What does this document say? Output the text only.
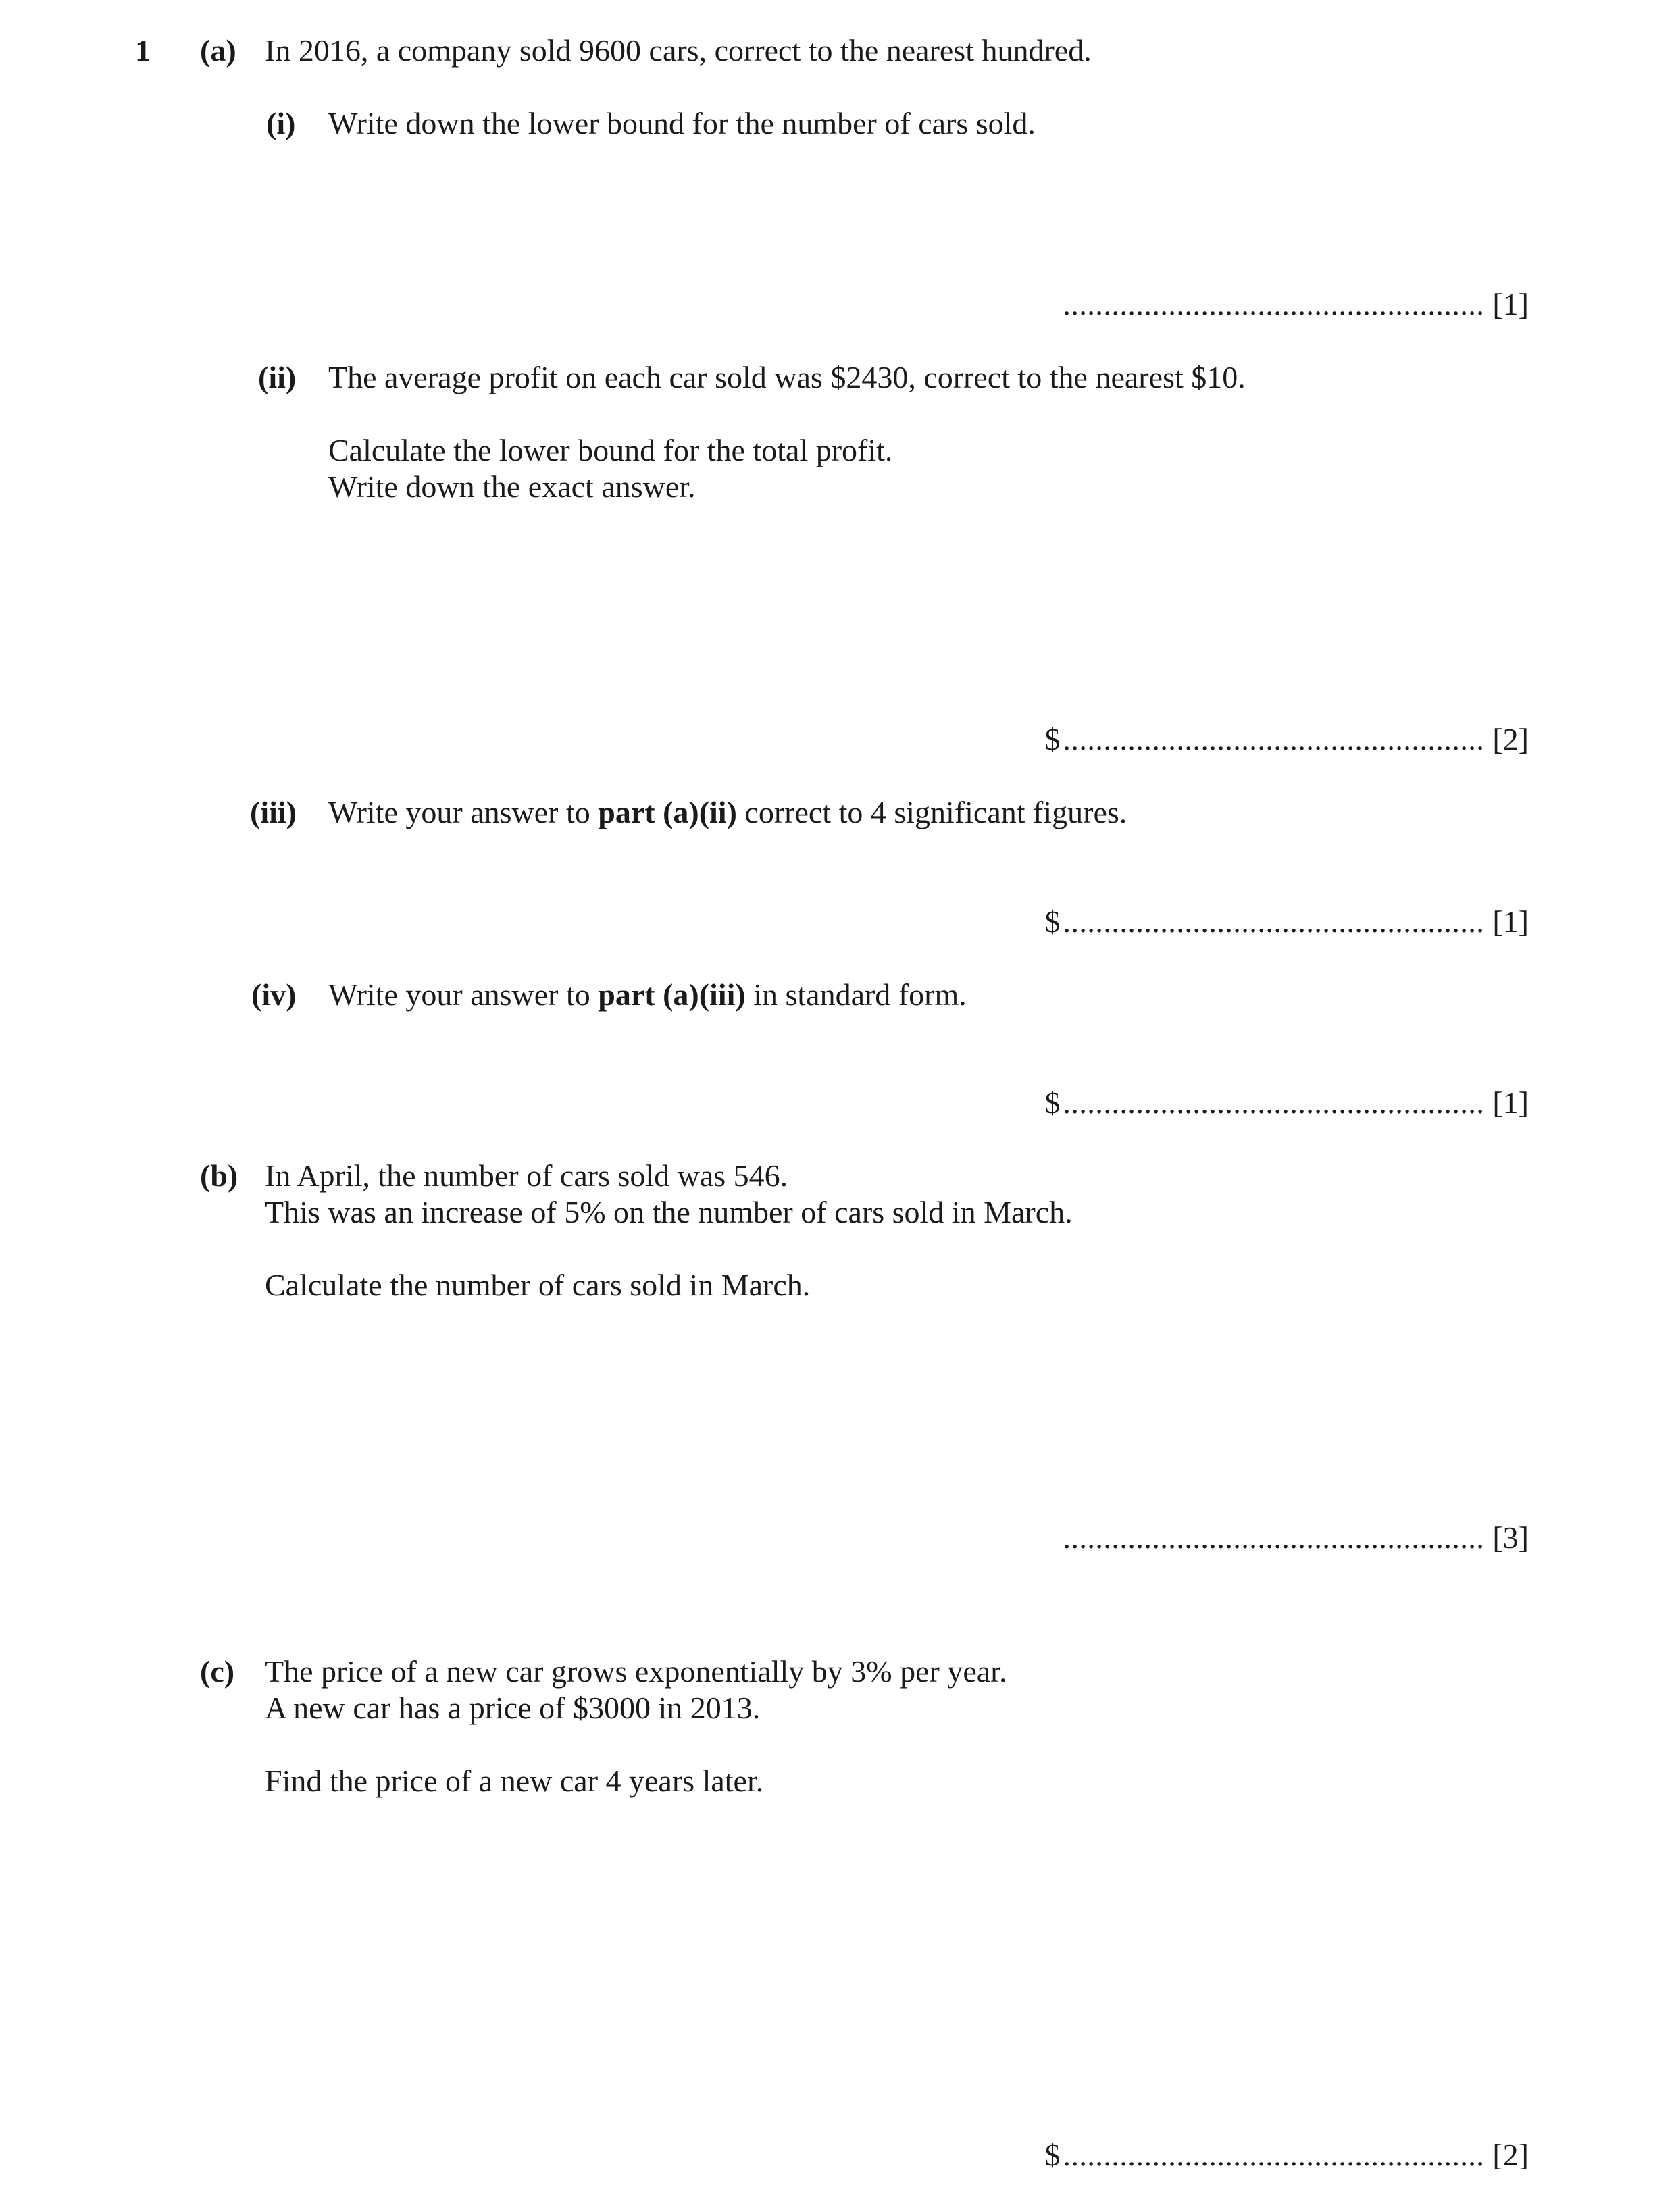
1 (a) In 2016, a company sold 9600 cars, correct to the nearest hundred.
(i) Write down the lower bound for the number of cars sold.
.................................................... [1]
(ii) The average profit on each car sold was $2430, correct to the nearest $10.
Calculate the lower bound for the total profit.
Write down the exact answer.
$ .................................................... [2]
(iii) Write your answer to part (a)(ii) correct to 4 significant figures.
$ .................................................... [1]
(iv) Write your answer to part (a)(iii) in standard form.
$ .................................................... [1]
(b) In April, the number of cars sold was 546.
This was an increase of 5% on the number of cars sold in March.
Calculate the number of cars sold in March.
.................................................... [3]
(c) The price of a new car grows exponentially by 3% per year.
A new car has a price of $3000 in 2013.
Find the price of a new car 4 years later.
$ .................................................... [2]
